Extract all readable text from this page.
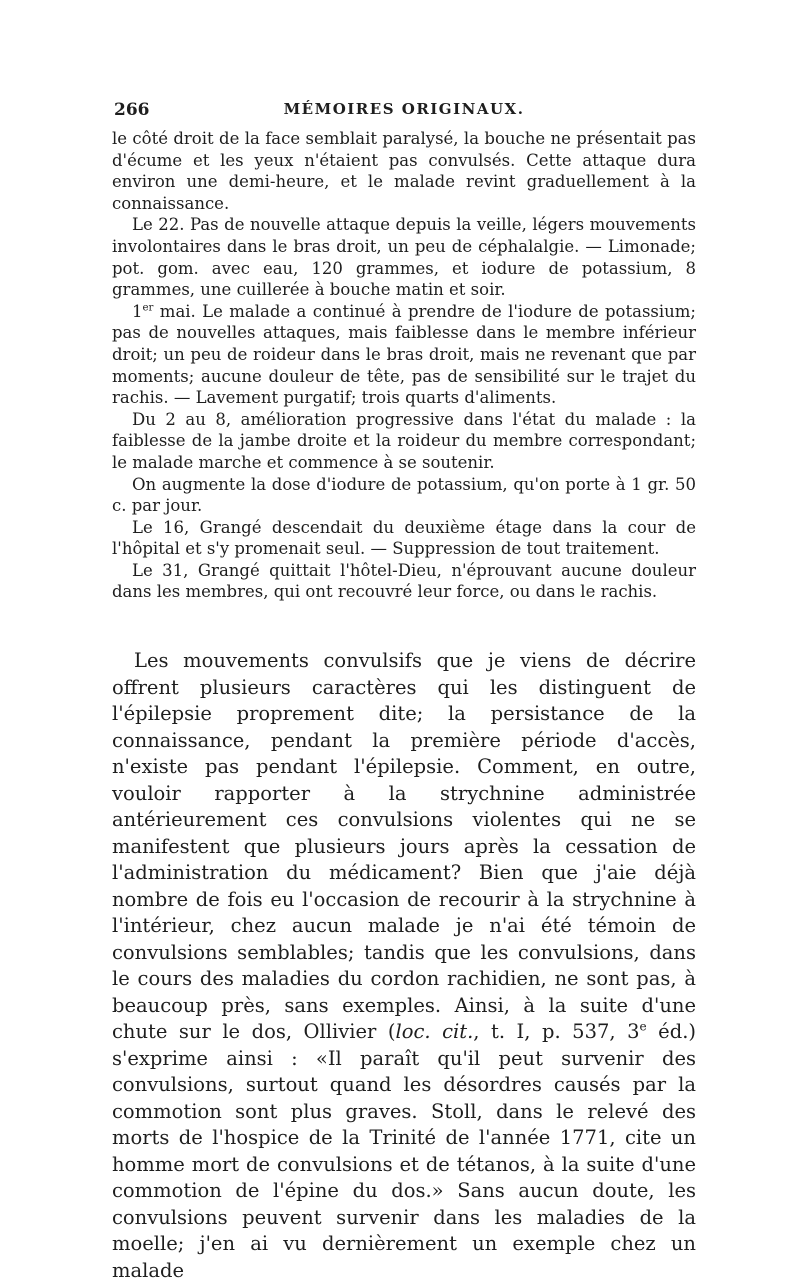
266	MÉMOIRES ORIGINAUX.

le côté droit de la face semblait paralysé, la bouche ne présentait pas d'écume et les yeux n'étaient pas convulsés. Cette attaque dura environ une demi-heure, et le malade revint graduellement à la connaissance.

Le 22. Pas de nouvelle attaque depuis la veille, légers mouvements involontaires dans le bras droit, un peu de céphalalgie. — Limonade; pot. gom. avec eau, 120 grammes, et iodure de potassium, 8 grammes, une cuillerée à bouche matin et soir.

1er mai. Le malade a continué à prendre de l'iodure de potassium; pas de nouvelles attaques, mais faiblesse dans le membre inférieur droit; un peu de roideur dans le bras droit, mais ne revenant que par moments; aucune douleur de tête, pas de sensibilité sur le trajet du rachis. — Lavement purgatif; trois quarts d'aliments.

Du 2 au 8, amélioration progressive dans l'état du malade : la faiblesse de la jambe droite et la roideur du membre correspondant; le malade marche et commence à se soutenir.

On augmente la dose d'iodure de potassium, qu'on porte à 1 gr. 50 c. par jour.

Le 16, Grangé descendait du deuxième étage dans la cour de l'hôpital et s'y promenait seul. — Suppression de tout traitement.

Le 31, Grangé quittait l'hôtel-Dieu, n'éprouvant aucune douleur dans les membres, qui ont recouvré leur force, ou dans le rachis.

Les mouvements convulsifs que je viens de décrire offrent plusieurs caractères qui les distinguent de l'épilepsie proprement dite; la persistance de la connaissance, pendant la première période d'accès, n'existe pas pendant l'épilepsie. Comment, en outre, vouloir rapporter à la strychnine administrée antérieurement ces convulsions violentes qui ne se manifestent que plusieurs jours après la cessation de l'administration du médicament? Bien que j'aie déjà nombre de fois eu l'occasion de recourir à la strychnine à l'intérieur, chez aucun malade je n'ai été témoin de convulsions semblables; tandis que les convulsions, dans le cours des maladies du cordon rachidien, ne sont pas, à beaucoup près, sans exemples. Ainsi, à la suite d'une chute sur le dos, Ollivier (loc. cit., t. I, p. 537, 3e éd.) s'exprime ainsi : «Il paraît qu'il peut survenir des convulsions, surtout quand les désordres causés par la commotion sont plus graves. Stoll, dans le relevé des morts de l'hospice de la Trinité de l'année 1771, cite un homme mort de convulsions et de tétanos, à la suite d'une commotion de l'épine du dos.» Sans aucun doute, les convulsions peuvent survenir dans les maladies de la moelle; j'en ai vu dernièrement un exemple chez un malade
